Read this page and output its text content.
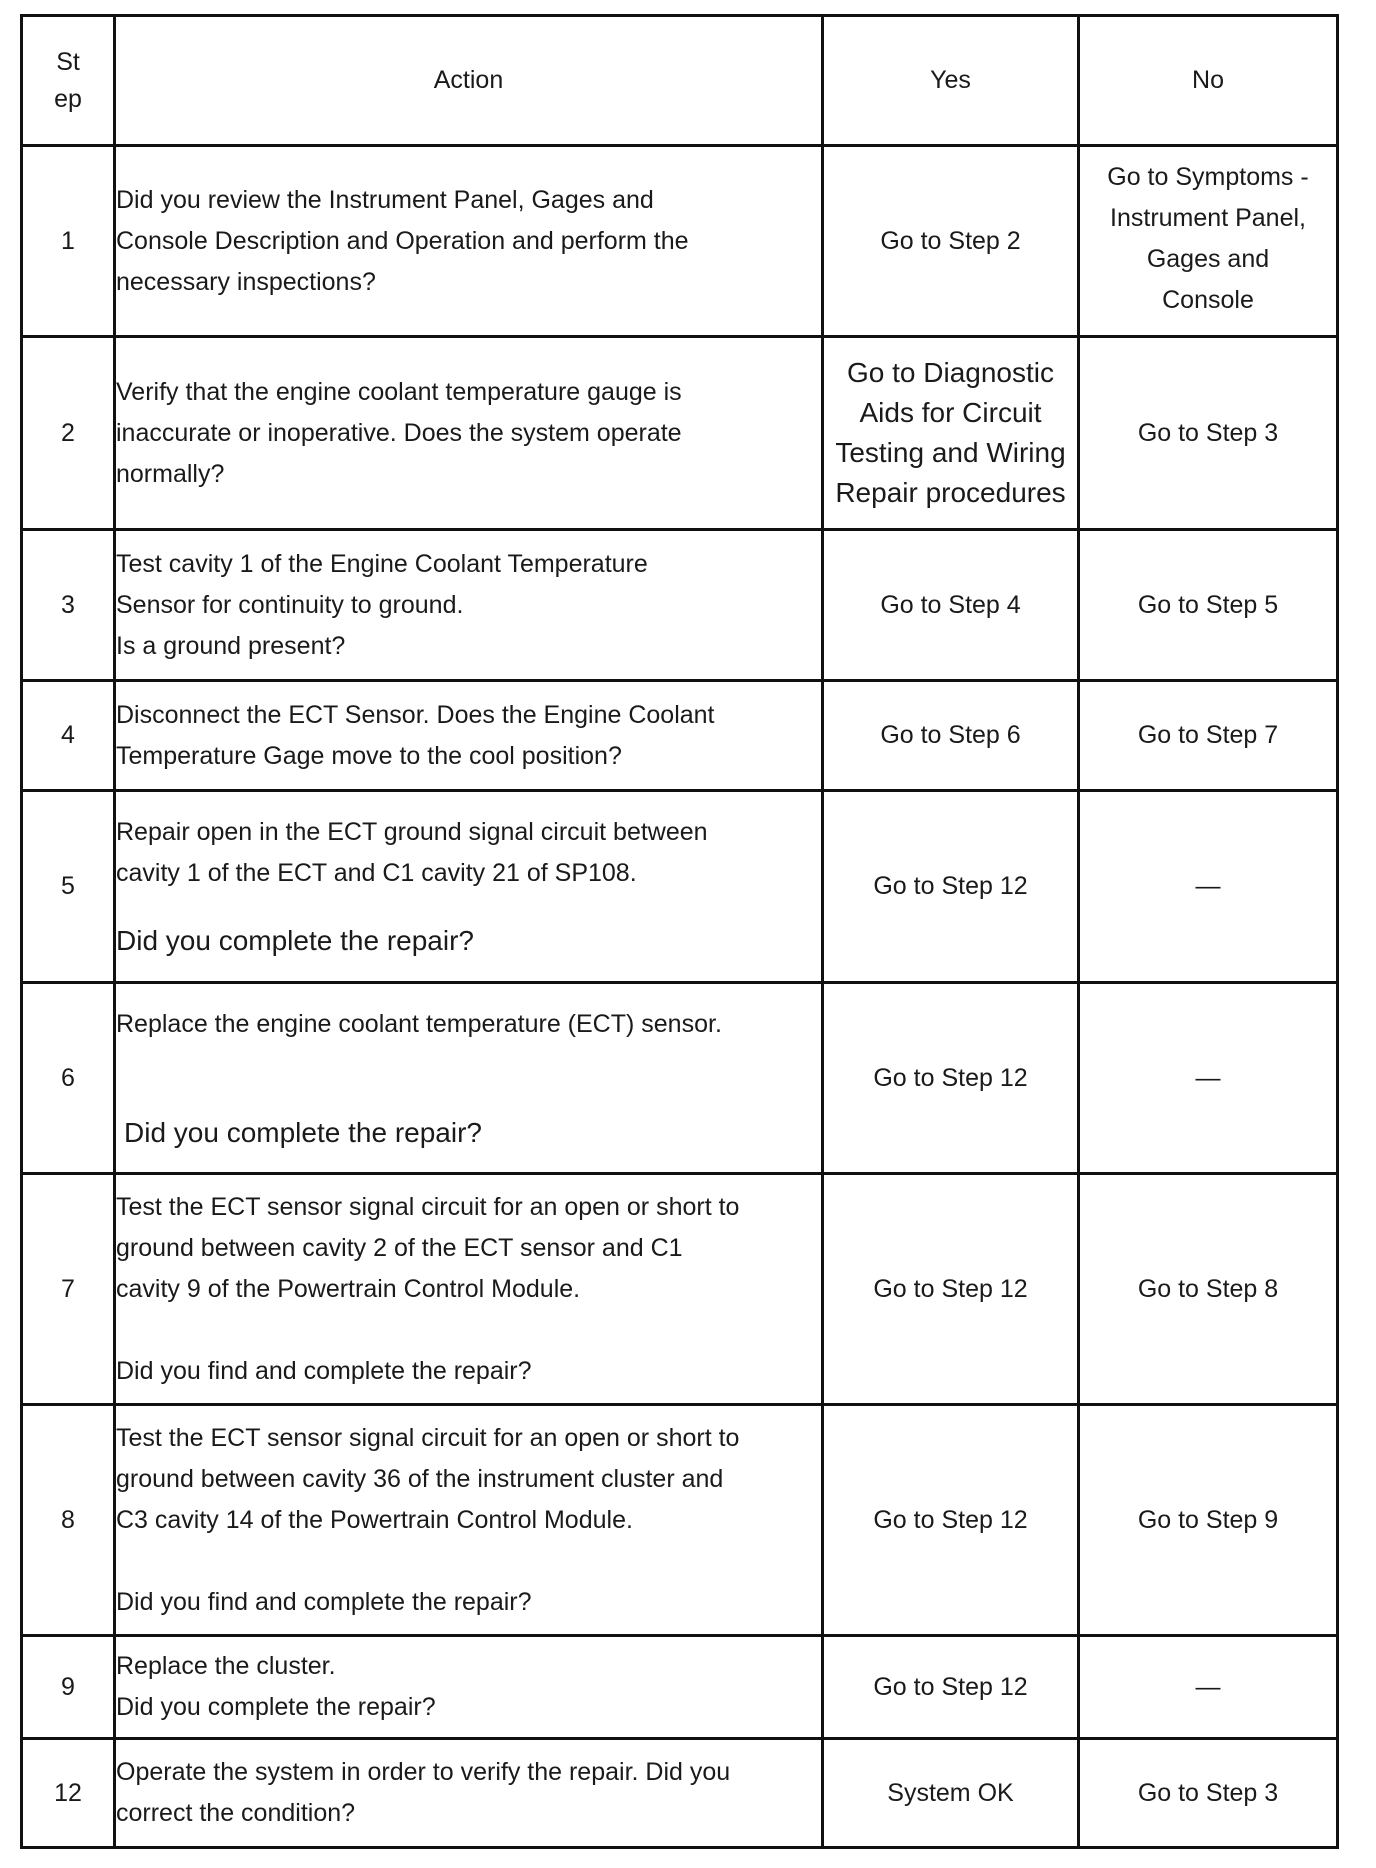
St
ep	Action	Yes	No
1	Did you review the Instrument Panel, Gages and
Console Description and Operation and perform the
necessary inspections?	Go to Step 2	Go to Symptoms -
Instrument Panel,
Gages and
Console

2	Verify that the engine coolant temperature gauge is
inaccurate or inoperative. Does the system operate
normally?	Go to Diagnostic
Aids for Circuit
Testing and Wiring
Repair procedures	Go to Step 3

3	Test cavity 1 of the Engine Coolant Temperature
Sensor for continuity to ground.
Is a ground present?	Go to Step 4	Go to Step 5

4	Disconnect the ECT Sensor. Does the Engine Coolant
Temperature Gage move to the cool position?	Go to Step 6	Go to Step 7

5	Repair open in the ECT ground signal circuit between
cavity 1 of the ECT and C1 cavity 21 of SP108.
Did you complete the repair?	Go to Step 12	—

6	Replace the engine coolant temperature (ECT) sensor.
Did you complete the repair?	Go to Step 12	—

7	Test the ECT sensor signal circuit for an open or short to
ground between cavity 2 of the ECT sensor and C1
cavity 9 of the Powertrain Control Module.
Did you find and complete the repair?	Go to Step 12	Go to Step 8

8	Test the ECT sensor signal circuit for an open or short to
ground between cavity 36 of the instrument cluster and
C3 cavity 14 of the Powertrain Control Module.
Did you find and complete the repair?	Go to Step 12	Go to Step 9

9	Replace the cluster.
Did you complete the repair?	Go to Step 12	—

12	Operate the system in order to verify the repair. Did you
correct the condition?	System OK	Go to Step 3
